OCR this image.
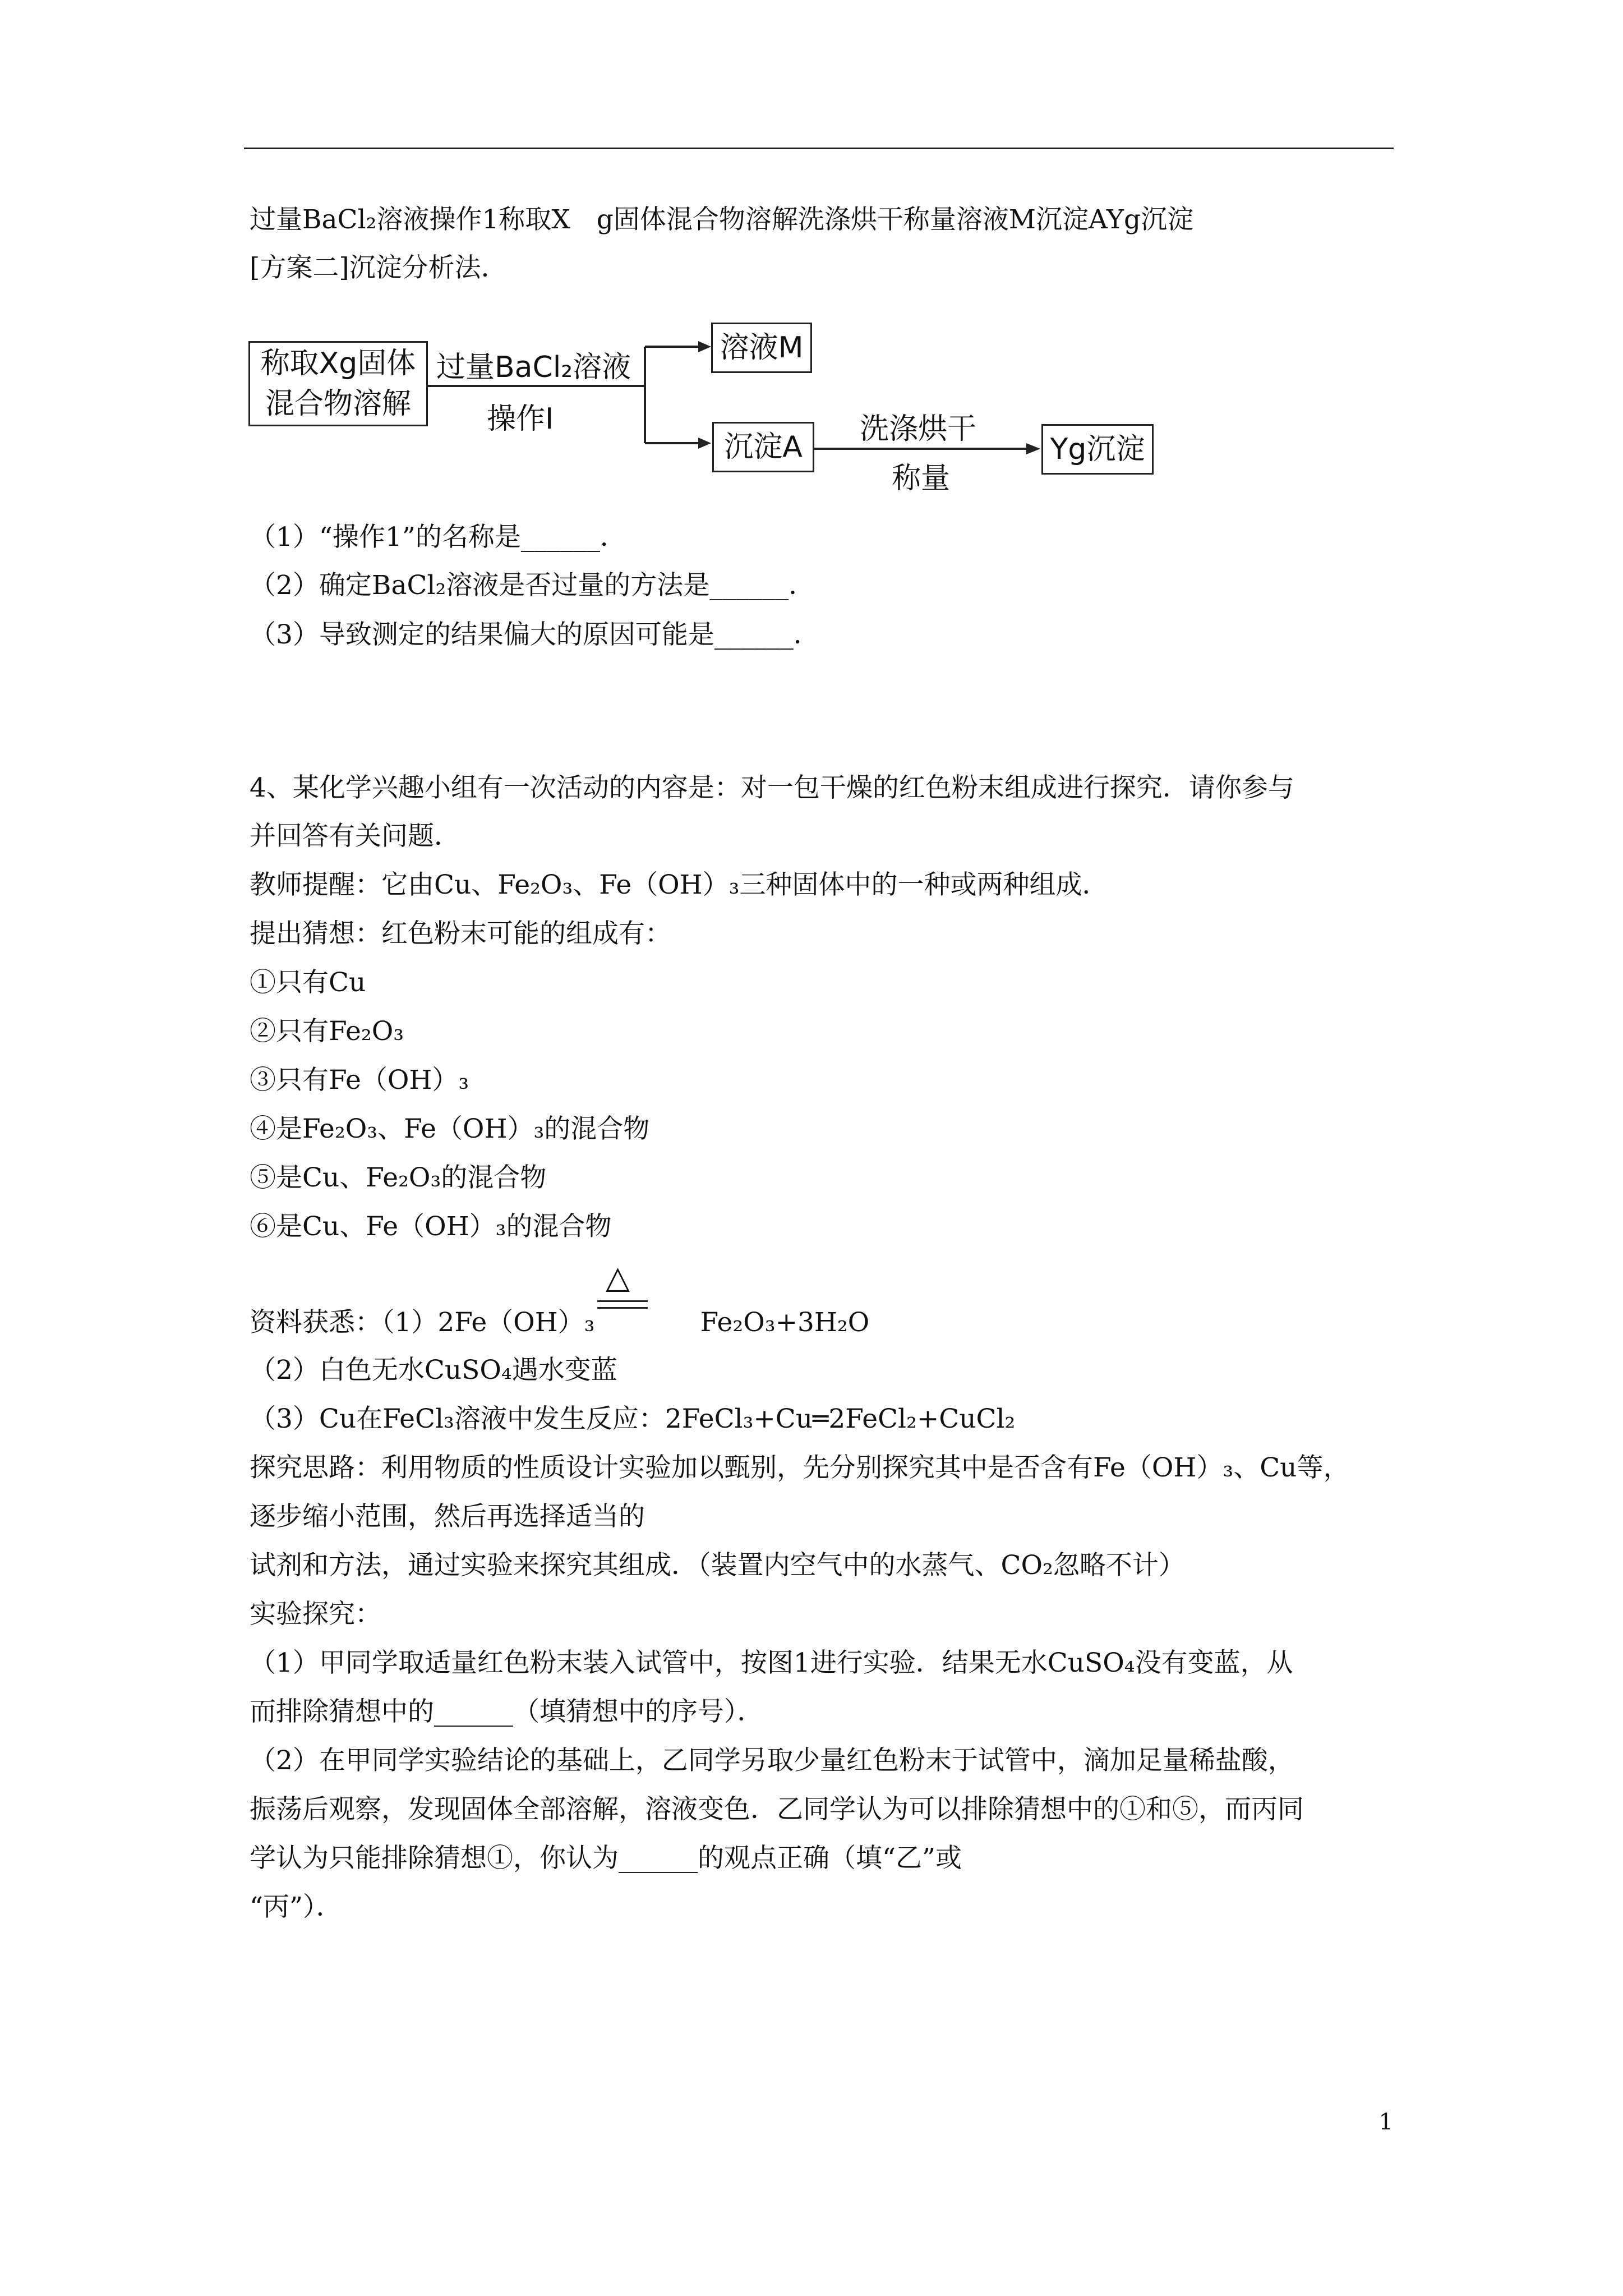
过量BaCl₂溶液操作1称取X　g固体混合物溶解洗涤烘干称量溶液M沉淀AYg沉淀
[方案二]沉淀分析法．
称取Xg固体
混合物溶解
过量BaCl₂溶液
操作I
溶液M
沉淀A
洗涤烘干
称量
Yg沉淀
（1）“操作1”的名称是______．
（2）确定BaCl₂溶液是否过量的方法是______．
（3）导致测定的结果偏大的原因可能是______．
4、某化学兴趣小组有一次活动的内容是：对一包干燥的红色粉末组成进行探究．请你参与
并回答有关问题．
教师提醒：它由Cu、Fe₂O₃、Fe（OH）₃三种固体中的一种或两种组成．
提出猜想：红色粉末可能的组成有：
①只有Cu
②只有Fe₂O₃
③只有Fe（OH）₃
④是Fe₂O₃、Fe（OH）₃的混合物
⑤是Cu、Fe₂O₃的混合物
⑥是Cu、Fe（OH）₃的混合物
△
资料获悉：（1）2Fe（OH）₃　　　　Fe₂O₃+3H₂O
（2）白色无水CuSO₄遇水变蓝
（3）Cu在FeCl₃溶液中发生反应：2FeCl₃+Cu═2FeCl₂+CuCl₂
探究思路：利用物质的性质设计实验加以甄别，先分别探究其中是否含有Fe（OH）₃、Cu等，
逐步缩小范围，然后再选择适当的
试剂和方法，通过实验来探究其组成．（装置内空气中的水蒸气、CO₂忽略不计）
实验探究：
（1）甲同学取适量红色粉末装入试管中，按图1进行实验．结果无水CuSO₄没有变蓝，从
而排除猜想中的______（填猜想中的序号）．
（2）在甲同学实验结论的基础上，乙同学另取少量红色粉末于试管中，滴加足量稀盐酸，
振荡后观察，发现固体全部溶解，溶液变色．乙同学认为可以排除猜想中的①和⑤，而丙同
学认为只能排除猜想①，你认为______的观点正确（填“乙”或
“丙”）．
1
